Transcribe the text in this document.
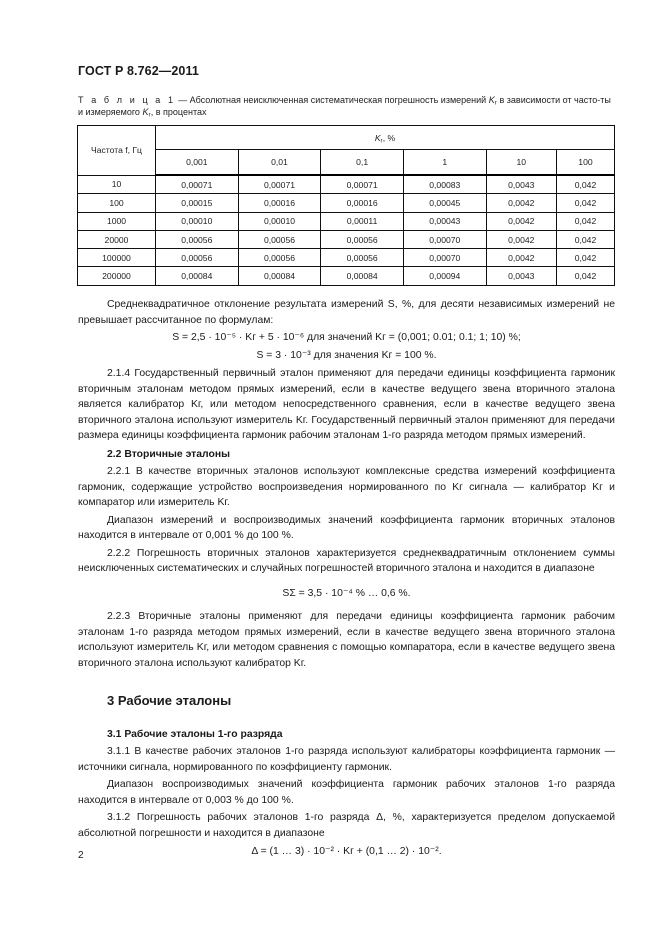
ГОСТ Р 8.762—2011
Т а б л и ц а 1 — Абсолютная неисключенная систематическая погрешность измерений $K_г$ в зависимости от часто-ты и измеряемого $K_г$, в процентах
Частота f, Гц	$K_г$, %					
	0,001	0,01	0,1	1	10	100
10	0,00071	0,00071	0,00071	0,00083	0,0043	0,042
100	0,00015	0,00016	0,00016	0,00045	0,0042	0,042
1000	0,00010	0,00010	0,00011	0,00043	0,0042	0,042
20000	0,00056	0,00056	0,00056	0,00070	0,0042	0,042
100000	0,00056	0,00056	0,00056	0,00070	0,0042	0,042
200000	0,00084	0,00084	0,00084	0,00094	0,0043	0,042

Среднеквадратичное отклонение результата измерений S, %, для десяти независимых измерений не превышает рассчитанное по формулам:

S = 2,5 · 10⁻⁵ · Kг + 5 · 10⁻⁶ для значений Kг = (0,001; 0.01; 0.1; 1; 10) %;

S = 3 · 10⁻³ для значения Kг = 100 %.

2.1.4 Государственный первичный эталон применяют для передачи единицы коэффициента гармоник вторичным эталонам методом прямых измерений, если в качестве ведущего звена вторичного эталона является калибратор Kг, или методом непосредственного сравнения, если в качестве ведущего звена вторичного эталона используют измеритель Kг. Государственный первичный эталон применяют для передачи размера единицы коэффициента гармоник рабочим эталонам 1-го разряда методом прямых измерений.

2.2 Вторичные эталоны

2.2.1 В качестве вторичных эталонов используют комплексные средства измерений коэффициента гармоник, содержащие устройство воспроизведения нормированного по Kг сигнала — калибратор Kг и компаратор или измеритель Kг.

Диапазон измерений и воспроизводимых значений коэффициента гармоник вторичных эталонов находится в интервале от 0,001 % до 100 %.

2.2.2 Погрешность вторичных эталонов характеризуется среднеквадратичным отклонением суммы неисключенных систематических и случайных погрешностей вторичного эталона и находится в диапазоне

SΣ = 3,5 · 10⁻⁴ % … 0,6 %.

2.2.3 Вторичные эталоны применяют для передачи единицы коэффициента гармоник рабочим эталонам 1-го разряда методом прямых измерений, если в качестве ведущего звена вторичного эталона используют измеритель Kг, или методом сравнения с помощью компаратора, если в качестве ведущего звена вторичного эталона используют калибратор Kг.

3 Рабочие эталоны

3.1 Рабочие эталоны 1-го разряда

3.1.1 В качестве рабочих эталонов 1-го разряда используют калибраторы коэффициента гармоник — источники сигнала, нормированного по коэффициенту гармоник.

Диапазон воспроизводимых значений коэффициента гармоник рабочих эталонов 1-го разряда находится в интервале от 0,003 % до 100 %.

3.1.2 Погрешность рабочих эталонов 1-го разряда Δ, %, характеризуется пределом допускаемой абсолютной погрешности и находится в диапазоне

Δ = (1 … 3) · 10⁻² · Kг + (0,1 … 2) · 10⁻².

2
